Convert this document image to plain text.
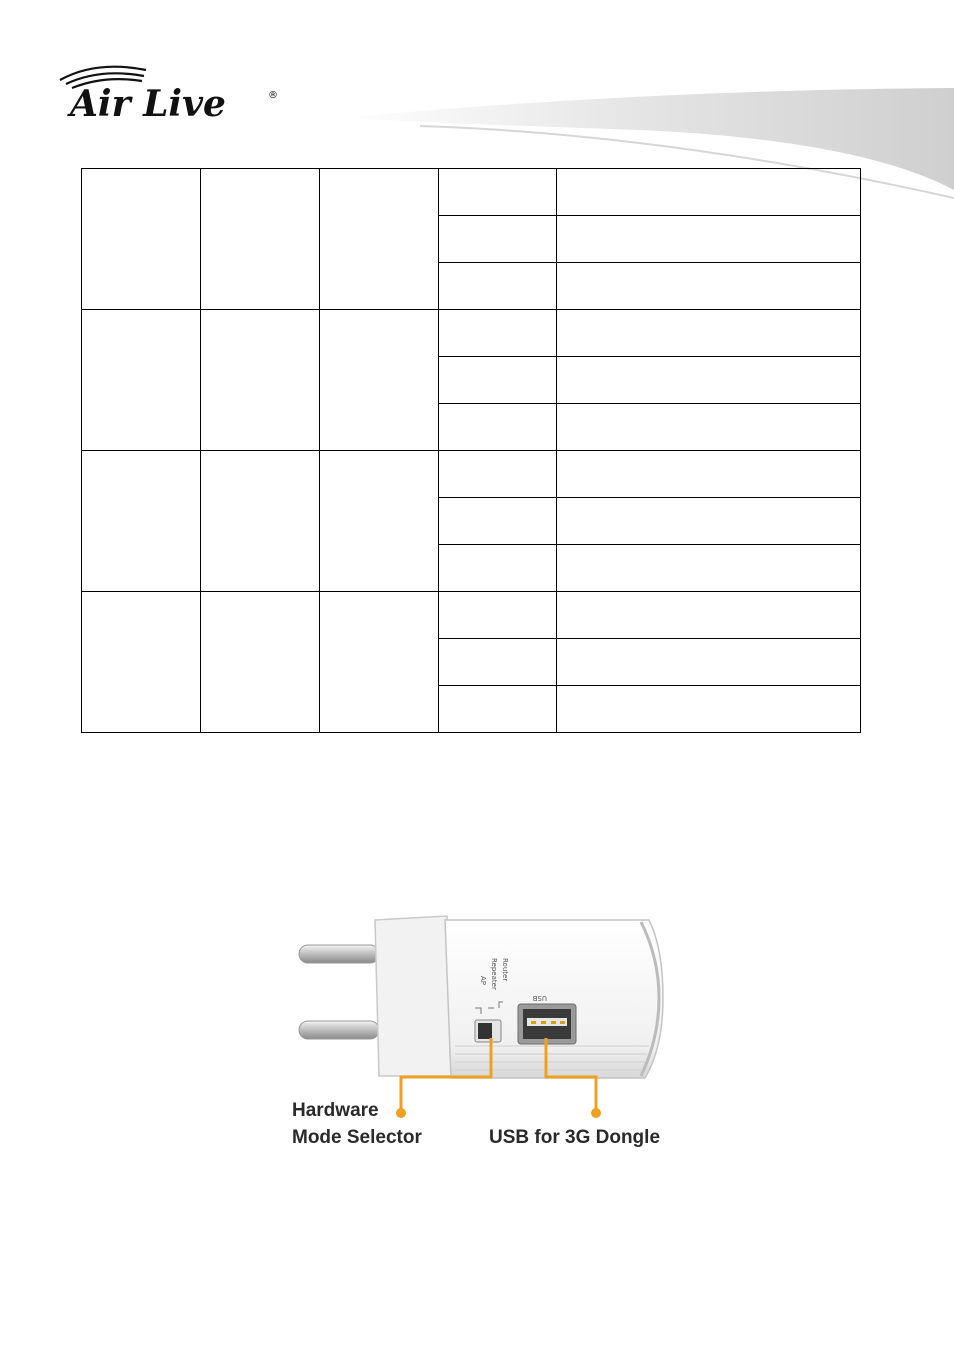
Air Live	®

Router
Repeater
AP
USB
Hardware
Mode Selector	USB for 3G Dongle
